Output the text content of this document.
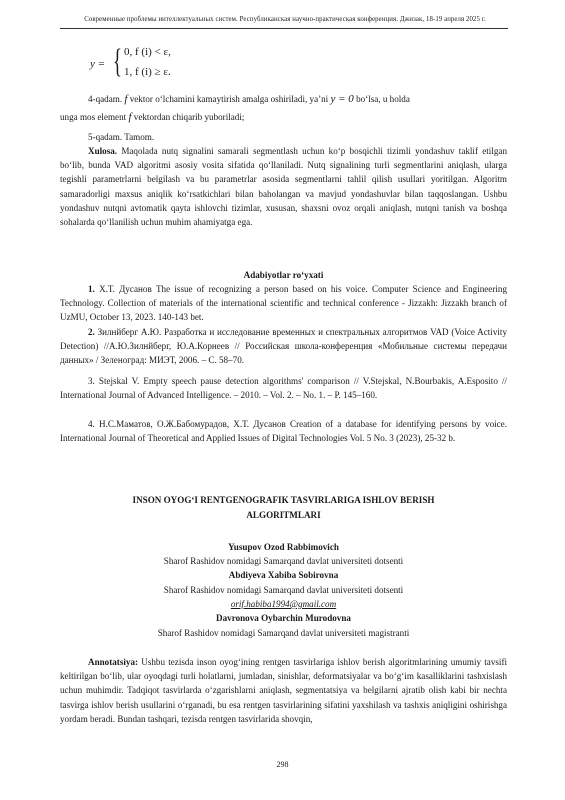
Современные проблемы интеллектуальных систем. Республиканская научно-практическая конференция. Джизак, 18-19 апреля 2025 г.
y = { 0, f (i) < ε,
1, f (i) ≥ ε.
4-qadam. f vektor oʻlchamini kamaytirish amalga oshiriladi, yaʼni y = 0 boʻlsa, u holda
unga mos element f vektordan chiqarib yuboriladi;
5-qadam. Tamom.
Xulosa. Maqolada nutq signalini samarali segmentlash uchun koʻp bosqichli tizimli yondashuv taklif etilgan boʻlib, bunda VAD algoritmi asosiy vosita sifatida qoʻllaniladi. Nutq signalining turli segmentlarini aniqlash, ularga tegishli parametrlarni belgilash va bu parametrlar asosida segmentlarni tahlil qilish usullari yoritilgan. Algoritm samaradorligi maxsus aniqlik koʻrsatkichlari bilan baholangan va mavjud yondashuvlar bilan taqqoslangan. Ushbu yondashuv nutqni avtomatik qayta ishlovchi tizimlar, xususan, shaxsni ovoz orqali aniqlash, nutqni tanish va boshqa sohalarda qoʻllanilish uchun muhim ahamiyatga ega.
Adabiyotlar roʻyxati
1. Х.Т. Дусанов The issue of recognizing a person based on his voice. Computer Science and Engineering Technology. Collection of materials of the international scientific and technical conference - Jizzakh: Jizzakh branch of UzMU, October 13, 2023. 140-143 bet.
2. Зилнйберг А.Ю. Разработка и исследование временных и спектральных алгоритмов VAD (Voice Activity Detection) //А.Ю.Зилнйберг, Ю.А.Корнеев // Российская школа-конференция «Мобильные системы передачи данных» / Зеленоград: МИЭТ, 2006. – С. 58–70.
3. Stejskal V. Empty speech pause detection algorithms' comparison // V.Stejskal, N.Bourbakis, A.Esposito // International Journal of Advanced Intelligence. – 2010. – Vol. 2. – No. 1. – P. 145–160.
4. Н.С.Маматов, О.Ж.Бабомурадов, Х.Т. Дусанов Creation of a database for identifying persons by voice. International Journal of Theoretical and Applied Issues of Digital Technologies Vol. 5 No. 3 (2023), 25-32 b.
INSON OYOGʻI RENTGENOGRAFIK TASVIRLARIGA ISHLOV BERISH
ALGORITMLARI
Yusupov Ozod Rabbimovich
Sharof Rashidov nomidagi Samarqand davlat universiteti dotsenti
Abdiyeva Xabiba Sobirovna
Sharof Rashidov nomidagi Samarqand davlat universiteti dotsenti
orif.habiba1994@gmail.com
Davronova Oybarchin Murodovna
Sharof Rashidov nomidagi Samarqand davlat universiteti magistranti
Annotatsiya: Ushbu tezisda inson oyogʻining rentgen tasvirlariga ishlov berish algoritmlarining umumiy tavsifi keltirilgan boʻlib, ular oyoqdagi turli holatlarni, jumladan, sinishlar, deformatsiyalar va boʻgʻim kasalliklarini tashxislash uchun muhimdir. Tadqiqot tasvirlarda oʻzgarishlarni aniqlash, segmentatsiya va belgilarni ajratib olish kabi bir nechta tasvirga ishlov berish usullarini oʻrganadi, bu esa rentgen tasvirlarining sifatini yaxshilash va tashxis aniqligini oshirishga yordam beradi. Bundan tashqari, tezisda rentgen tasvirlarida shovqin,
298
